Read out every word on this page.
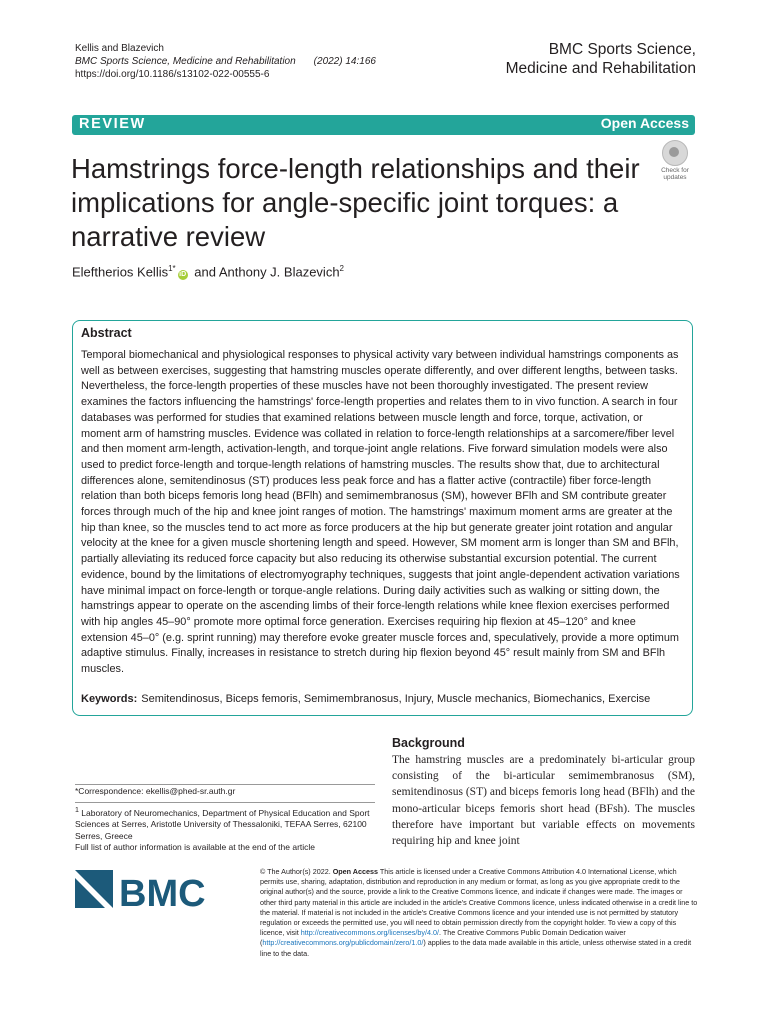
Kellis and Blazevich
BMC Sports Science, Medicine and Rehabilitation (2022) 14:166
https://doi.org/10.1186/s13102-022-00555-6
BMC Sports Science,
Medicine and Rehabilitation
REVIEW	Open Access
Check for
updates
Hamstrings force-length relationships and their implications for angle-specific joint torques: a narrative review
Eleftherios Kellis$^{1*}$iD and Anthony J. Blazevich$^2$
Abstract
Temporal biomechanical and physiological responses to physical activity vary between individual hamstrings components as well as between exercises, suggesting that hamstring muscles operate differently, and over different lengths, between tasks. Nevertheless, the force-length properties of these muscles have not been thoroughly investigated. The present review examines the factors influencing the hamstrings' force-length properties and relates them to in vivo function. A search in four databases was performed for studies that examined relations between muscle length and force, torque, activation, or moment arm of hamstring muscles. Evidence was collated in relation to force-length relationships at a sarcomere/fiber level and then moment arm-length, activation-length, and torque-joint angle relations. Five forward simulation models were also used to predict force-length and torque-length relations of hamstring muscles. The results show that, due to architectural differences alone, semitendinosus (ST) produces less peak force and has a flatter active (contractile) fiber force-length relation than both biceps femoris long head (BFlh) and semimembranosus (SM), however BFlh and SM contribute greater forces through much of the hip and knee joint ranges of motion. The hamstrings' maximum moment arms are greater at the hip than knee, so the muscles tend to act more as force producers at the hip but generate greater joint rotation and angular velocity at the knee for a given muscle shortening length and speed. However, SM moment arm is longer than SM and BFlh, partially alleviating its reduced force capacity but also reducing its otherwise substantial excursion potential. The current evidence, bound by the limitations of electromyography techniques, suggests that joint angle-dependent activation variations have minimal impact on force-length or torque-angle relations. During daily activities such as walking or sitting down, the hamstrings appear to operate on the ascending limbs of their force-length relations while knee flexion exercises performed with hip angles 45–90° promote more optimal force generation. Exercises requiring hip flexion at 45–120° and knee extension 45–0° (e.g. sprint running) may therefore evoke greater muscle forces and, speculatively, provide a more optimum adaptive stimulus. Finally, increases in resistance to stretch during hip flexion beyond 45° result mainly from SM and BFlh muscles.
Keywords: Semitendinosus, Biceps femoris, Semimembranosus, Injury, Muscle mechanics, Biomechanics, Exercise
Background
The hamstring muscles are a predominately bi-articular group consisting of the bi-articular semimembranosus (SM), semitendinosus (ST) and biceps femoris long head (BFlh) and the mono-articular biceps femoris short head (BFsh). The muscles therefore have important but variable effects on movements requiring hip and knee joint
*Correspondence: ekellis@phed-sr.auth.gr
$^1$ Laboratory of Neuromechanics, Department of Physical Education and Sport Sciences at Serres, Aristotle University of Thessaloniki, TEFAA Serres, 62100 Serres, Greece
Full list of author information is available at the end of the article
BMC
© The Author(s) 2022. Open Access This article is licensed under a Creative Commons Attribution 4.0 International License, which permits use, sharing, adaptation, distribution and reproduction in any medium or format, as long as you give appropriate credit to the original author(s) and the source, provide a link to the Creative Commons licence, and indicate if changes were made. The images or other third party material in this article are included in the article's Creative Commons licence, unless indicated otherwise in a credit line to the material. If material is not included in the article's Creative Commons licence and your intended use is not permitted by statutory regulation or exceeds the permitted use, you will need to obtain permission directly from the copyright holder. To view a copy of this licence, visit http://creativecommons.org/licenses/by/4.0/. The Creative Commons Public Domain Dedication waiver (http://creativecommons.org/publicdomain/zero/1.0/) applies to the data made available in this article, unless otherwise stated in a credit line to the data.
